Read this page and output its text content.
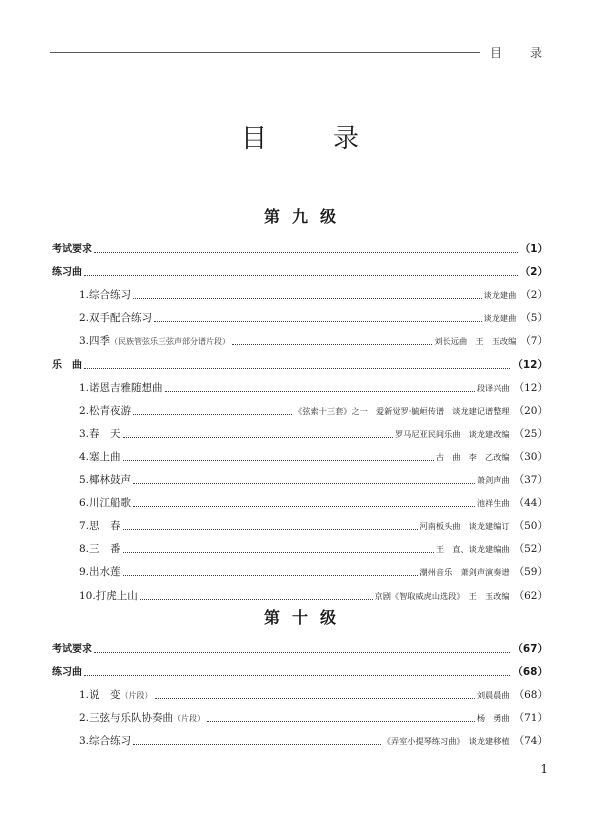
目　录
目　录
第九级
考试要求	（1）
练习曲	（2）
1.综合练习	谈龙建曲 （2）
2.双手配合练习	谈龙建曲 （5）
3.四季（民族管弦乐三弦声部分谱片段）	刘长远曲　王　玉改编 （7）
乐　曲	（12）
1.诺恩吉雅随想曲	段译兴曲 （12）
2.松青夜游	《弦索十三套》之一　爱新觉罗·毓峘传谱　谈龙建记谱整理 （20）
3.春　天	罗马尼亚民间乐曲　谈龙建改编 （25）
4.塞上曲	古　曲　李　乙改编 （30）
5.椰林鼓声	萧剑声曲 （37）
6.川江船歌	池祥生曲 （44）
7.思　春	河南板头曲　谈龙建编订 （50）
8.三　番	王　直、谈龙建编曲 （52）
9.出水莲	潮州音乐　萧剑声演奏谱 （59）
10.打虎上山	京剧《智取威虎山选段》　王　玉改编 （62）
第十级
考试要求	（67）
练习曲	（68）
1.说　变（片段）	刘晨晨曲 （68）
2.三弦与乐队协奏曲（片段）	杨　勇曲 （71）
3.综合练习	《弄室小提琴练习曲》　谈龙建移植 （74）
1
